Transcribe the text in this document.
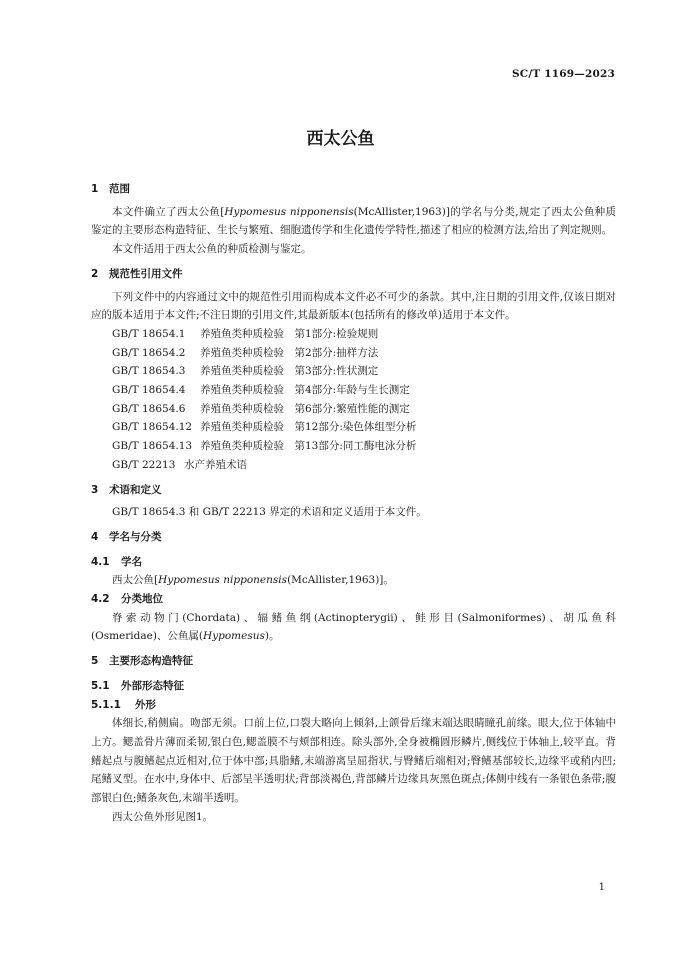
SC/T 1169—2023
西太公鱼
1 范围

本文件确立了西太公鱼[Hypomesus nipponensis(McAllister,1963)]的学名与分类,规定了西太公鱼种质鉴定的主要形态构造特征、生长与繁殖、细胞遗传学和生化遗传学特性,描述了相应的检测方法,给出了判定规则。

本文件适用于西太公鱼的种质检测与鉴定。

2 规范性引用文件

下列文件中的内容通过文中的规范性引用而构成本文件必不可少的条款。其中,注日期的引用文件,仅该日期对应的版本适用于本文件;不注日期的引用文件,其最新版本(包括所有的修改单)适用于本文件。

GB/T 18654.1 养殖鱼类种质检验　第1部分:检验规则
GB/T 18654.2 养殖鱼类种质检验　第2部分:抽样方法
GB/T 18654.3 养殖鱼类种质检验　第3部分:性状测定
GB/T 18654.4 养殖鱼类种质检验　第4部分:年龄与生长测定
GB/T 18654.6 养殖鱼类种质检验　第6部分:繁殖性能的测定
GB/T 18654.12 养殖鱼类种质检验　第12部分:染色体组型分析
GB/T 18654.13 养殖鱼类种质检验　第13部分:同工酶电泳分析
GB/T 22213 水产养殖术语
3 术语和定义

GB/T 18654.3 和 GB/T 22213 界定的术语和定义适用于本文件。

4 学名与分类
4.1 学名

西太公鱼[Hypomesus nipponensis(McAllister,1963)]。

4.2 分类地位

脊索动物门(Chordata)、辐鳍鱼纲(Actinopterygii)、鲑形目(Salmoniformes)、胡瓜鱼科(Osmeridae)、公鱼属(Hypomesus)。

5 主要形态构造特征
5.1 外部形态特征
5.1.1 外形

体细长,稍侧扁。吻部无须。口前上位,口裂大略向上倾斜,上颌骨后缘末端达眼睛瞳孔前缘。眼大,位于体轴中上方。鳃盖骨片薄而柔韧,银白色,鳃盖膜不与颊部相连。除头部外,全身被椭圆形鳞片,侧线位于体轴上,较平直。背鳍起点与腹鳍起点近相对,位于体中部;具脂鳍,末端游离呈屈指状,与臀鳍后端相对;臀鳍基部较长,边缘平或稍内凹;尾鳍叉型。在水中,身体中、后部呈半透明状;背部淡褐色,背部鳞片边缘具灰黑色斑点;体侧中线有一条银色条带;腹部银白色;鳍条灰色,末端半透明。

西太公鱼外形见图1。

1
